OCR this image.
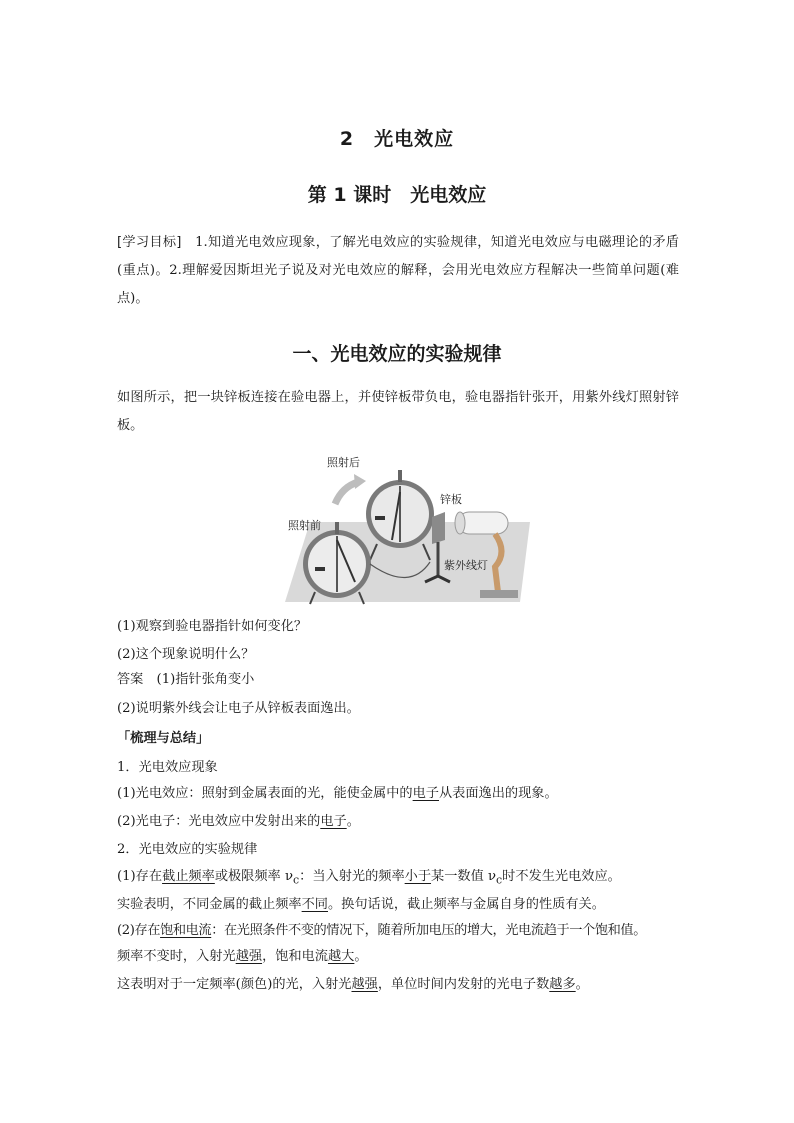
2　光电效应
第 1 课时　光电效应
[学习目标]　1.知道光电效应现象，了解光电效应的实验规律，知道光电效应与电磁理论的矛盾(重点)。2.理解爱因斯坦光子说及对光电效应的解释，会用光电效应方程解决一些简单问题(难点)。
一、光电效应的实验规律
如图所示，把一块锌板连接在验电器上，并使锌板带负电，验电器指针张开，用紫外线灯照射锌板。
照射后
照射前
锌板
紫外线灯
(1)观察到验电器指针如何变化？
(2)这个现象说明什么？
答案　(1)指针张角变小
(2)说明紫外线会让电子从锌板表面逸出。
「梳理与总结」
1．光电效应现象
(1)光电效应：照射到金属表面的光，能使金属中的电子从表面逸出的现象。
(2)光电子：光电效应中发射出来的电子。
2．光电效应的实验规律
(1)存在截止频率或极限频率 $\nu_c$：当入射光的频率小于某一数值 $\nu_c$时不发生光电效应。
实验表明，不同金属的截止频率不同。换句话说，截止频率与金属自身的性质有关。
(2)存在饱和电流：在光照条件不变的情况下，随着所加电压的增大，光电流趋于一个饱和值。
频率不变时，入射光越强，饱和电流越大。
这表明对于一定频率(颜色)的光，入射光越强，单位时间内发射的光电子数越多。
